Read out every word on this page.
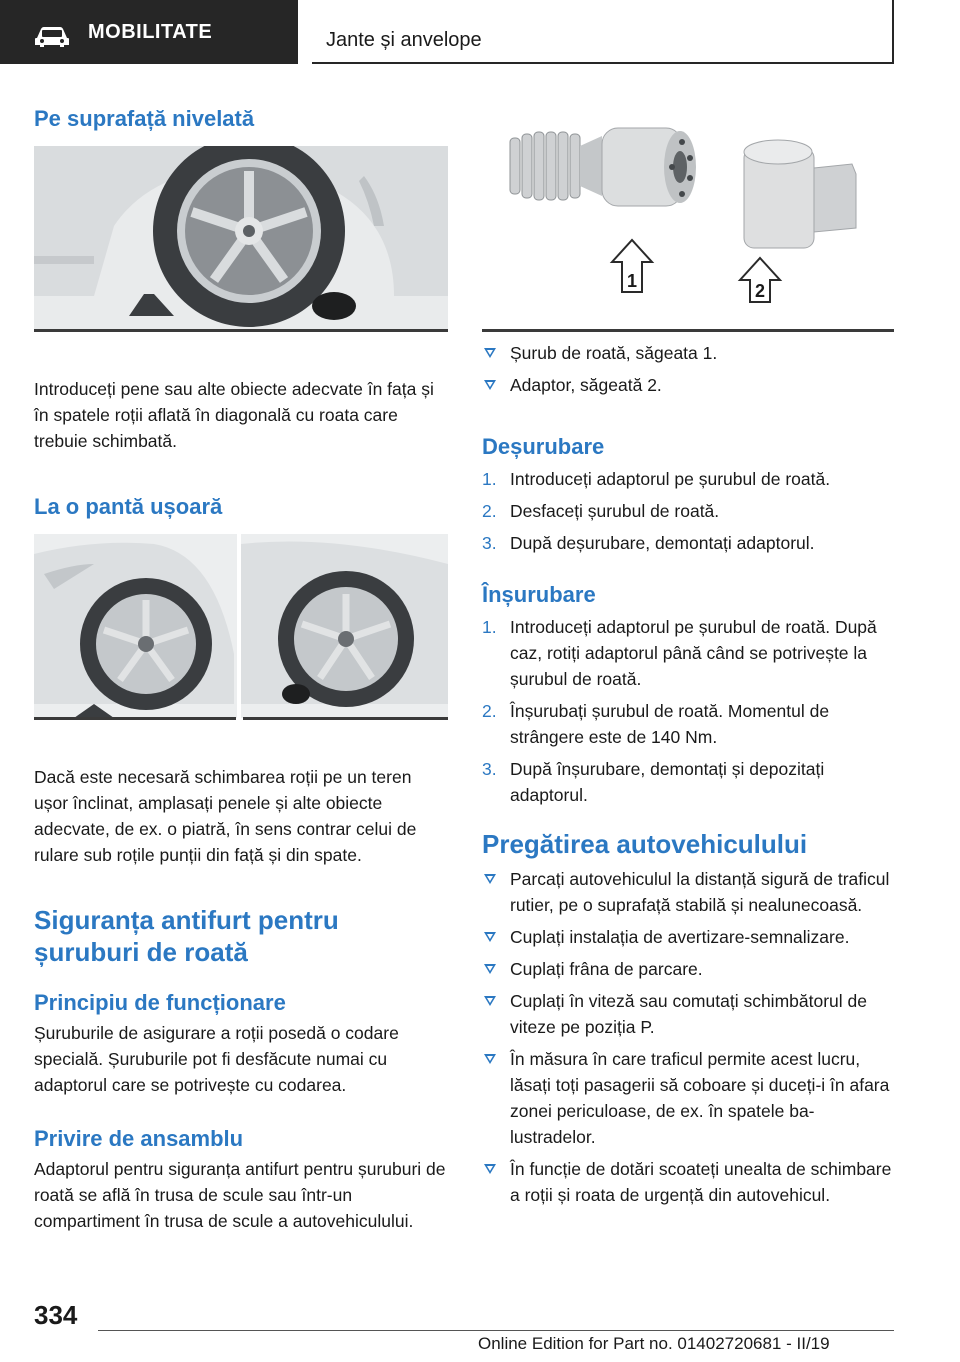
MOBILITATE	Jante și anvelope
Pe suprafață nivelată

Introduceți pene sau alte obiecte adecvate în fața și în spatele roții aflată în diagonală cu roata care trebuie schimbată.

La o pantă ușoară

Dacă este necesară schimbarea roții pe un teren ușor înclinat, amplasați penele și alte obiecte adecvate, de ex. o piatră, în sens contrar celui de rulare sub roțile punții din față și din spate.

Siguranța antifurt pentru
șuruburi de roată
Principiu de funcționare

Șuruburile de asigurare a roții posedă o codare specială. Șuruburile pot fi desfăcute numai cu adaptorul care se potrivește cu codarea.

Privire de ansamblu

Adaptorul pentru siguranța antifurt pentru șuruburi de roată se află în trusa de scule sau într-un compartiment în trusa de scule a autovehiculului.

1	2
Șurub de roată, săgeata 1.
Adaptor, săgeată 2.
Deșurubare
1. Introduceți adaptorul pe șurubul de roată.
2. Desfaceți șurubul de roată.
3. După deșurubare, demontați adaptorul.
Înșurubare
1. Introduceți adaptorul pe șurubul de roată. După caz, rotiți adaptorul până când se potrivește la șurubul de roată.
2. Înșurubați șurubul de roată. Momentul de strângere este de 140 Nm.
3. După înșurubare, demontați și depozitați adaptorul.
Pregătirea autovehiculului
Parcați autovehiculul la distanță sigură de traficul rutier, pe o suprafață stabilă și nealunecoasă.
Cuplați instalația de avertizare-semnalizare.
Cuplați frâna de parcare.
Cuplați în viteză sau comutați schimbătorul de viteze pe poziția P.
În măsura în care traficul permite acest lucru, lăsați toți pasagerii să coboare și duceți-i în afara zonei periculoase, de ex. în spatele balustradelor.
În funcție de dotări scoateți unealta de schimbare a roții și roata de urgență din autovehicul.
334
Online Edition for Part no. 01402720681 - II/19
